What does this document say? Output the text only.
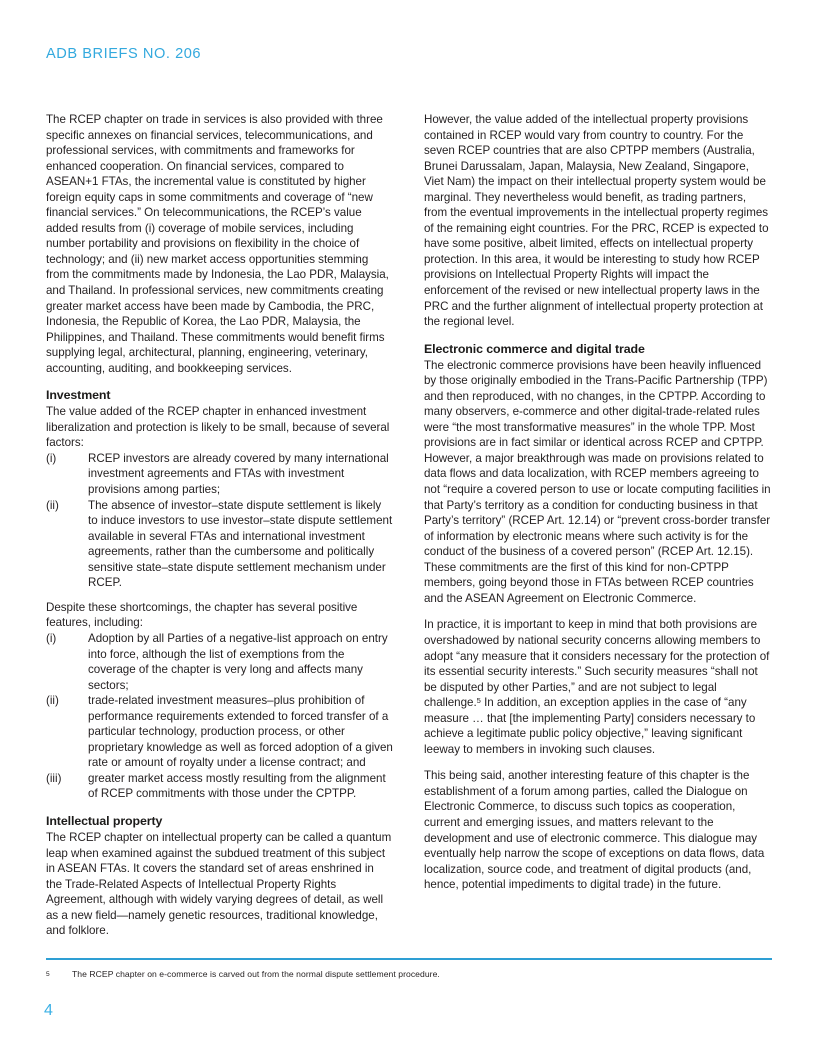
ADB BRIEFS NO. 206

The RCEP chapter on trade in services is also provided with three specific annexes on financial services, telecommunications, and professional services, with commitments and frameworks for enhanced cooperation. On financial services, compared to ASEAN+1 FTAs, the incremental value is constituted by higher foreign equity caps in some commitments and coverage of “new financial services.” On telecommunications, the RCEP’s value added results from (i) coverage of mobile services, including number portability and provisions on flexibility in the choice of technology; and (ii) new market access opportunities stemming from the commitments made by Indonesia, the Lao PDR, Malaysia, and Thailand. In professional services, new commitments creating greater market access have been made by Cambodia, the PRC, Indonesia, the Republic of Korea, the Lao PDR, Malaysia, the Philippines, and Thailand. These commitments would benefit firms supplying legal, architectural, planning, engineering, veterinary, accounting, auditing, and bookkeeping services.

Investment

The value added of the RCEP chapter in enhanced investment liberalization and protection is likely to be small, because of several factors:

(i)	RCEP investors are already covered by many international investment agreements and FTAs with investment provisions among parties;
(ii)	The absence of investor–state dispute settlement is likely to induce investors to use investor–state dispute settlement available in several FTAs and international investment agreements, rather than the cumbersome and politically sensitive state–state dispute settlement mechanism under RCEP.

Despite these shortcomings, the chapter has several positive features, including:

(i)	Adoption by all Parties of a negative-list approach on entry into force, although the list of exemptions from the coverage of the chapter is very long and affects many sectors;
(ii)	trade-related investment measures–plus prohibition of performance requirements extended to forced transfer of a particular technology, production process, or other proprietary knowledge as well as forced adoption of a given rate or amount of royalty under a license contract; and
(iii)	greater market access mostly resulting from the alignment of RCEP commitments with those under the CPTPP.
Intellectual property

The RCEP chapter on intellectual property can be called a quantum leap when examined against the subdued treatment of this subject in ASEAN FTAs. It covers the standard set of areas enshrined in the Trade-Related Aspects of Intellectual Property Rights Agreement, although with widely varying degrees of detail, as well as a new field—namely genetic resources, traditional knowledge, and folklore.

However, the value added of the intellectual property provisions contained in RCEP would vary from country to country. For the seven RCEP countries that are also CPTPP members (Australia, Brunei Darussalam, Japan, Malaysia, New Zealand, Singapore, Viet Nam) the impact on their intellectual property system would be marginal. They nevertheless would benefit, as trading partners, from the eventual improvements in the intellectual property regimes of the remaining eight countries. For the PRC, RCEP is expected to have some positive, albeit limited, effects on intellectual property protection. In this area, it would be interesting to study how RCEP provisions on Intellectual Property Rights will impact the enforcement of the revised or new intellectual property laws in the PRC and the further alignment of intellectual property protection at the regional level.

Electronic commerce and digital trade

The electronic commerce provisions have been heavily influenced by those originally embodied in the Trans-Pacific Partnership (TPP) and then reproduced, with no changes, in the CPTPP. According to many observers, e-commerce and other digital-trade-related rules were “the most transformative measures” in the whole TPP. Most provisions are in fact similar or identical across RCEP and CPTPP. However, a major breakthrough was made on provisions related to data flows and data localization, with RCEP members agreeing to not “require a covered person to use or locate computing facilities in that Party’s territory as a condition for conducting business in that Party’s territory” (RCEP Art. 12.14) or “prevent cross-border transfer of information by electronic means where such activity is for the conduct of the business of a covered person” (RCEP Art. 12.15). These commitments are the first of this kind for non-CPTPP members, going beyond those in FTAs between RCEP countries and the ASEAN Agreement on Electronic Commerce.

In practice, it is important to keep in mind that both provisions are overshadowed by national security concerns allowing members to adopt “any measure that it considers necessary for the protection of its essential security interests.” Such security measures “shall not be disputed by other Parties,” and are not subject to legal challenge.$^5$ In addition, an exception applies in the case of “any measure … that [the implementing Party] considers necessary to achieve a legitimate public policy objective,” leaving significant leeway to members in invoking such clauses.

This being said, another interesting feature of this chapter is the establishment of a forum among parties, called the Dialogue on Electronic Commerce, to discuss such topics as cooperation, current and emerging issues, and matters relevant to the development and use of electronic commerce. This dialogue may eventually help narrow the scope of exceptions on data flows, data localization, source code, and treatment of digital products (and, hence, potential impediments to digital trade) in the future.

5	The RCEP chapter on e-commerce is carved out from the normal dispute settlement procedure.
4
